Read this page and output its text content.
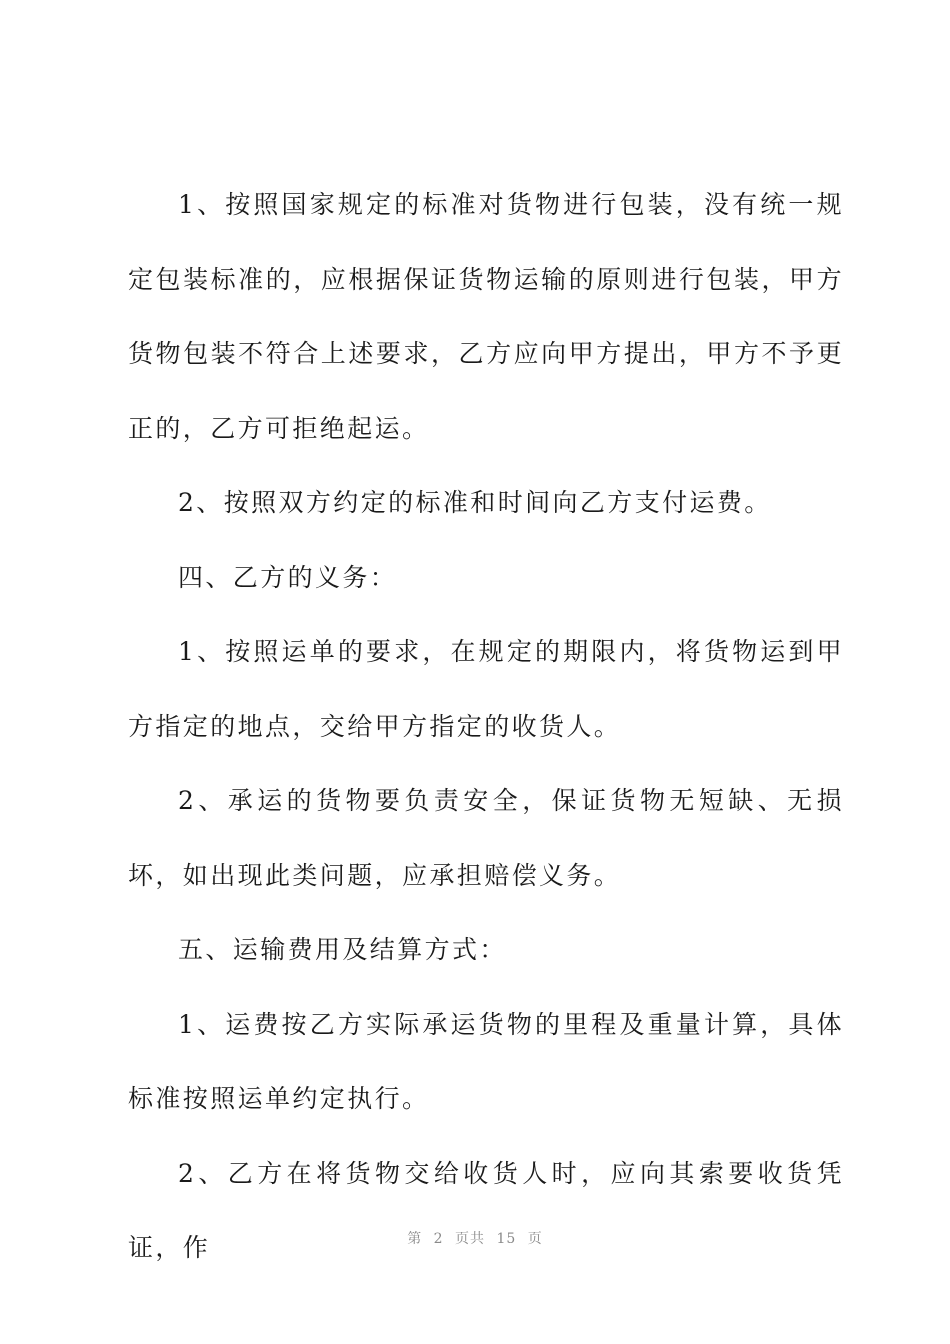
1、按照国家规定的标准对货物进行包装，没有统一规定包装标准的，应根据保证货物运输的原则进行包装，甲方货物包装不符合上述要求，乙方应向甲方提出，甲方不予更正的，乙方可拒绝起运。

2、按照双方约定的标准和时间向乙方支付运费。

四、乙方的义务：

1、按照运单的要求，在规定的期限内，将货物运到甲方指定的地点，交给甲方指定的收货人。

2、承运的货物要负责安全，保证货物无短缺、无损坏，如出现此类问题，应承担赔偿义务。

五、运输费用及结算方式：

1、运费按乙方实际承运货物的里程及重量计算，具体标准按照运单约定执行。

2、乙方在将货物交给收货人时，应向其索要收货凭证，作	第 2 页共 15 页
